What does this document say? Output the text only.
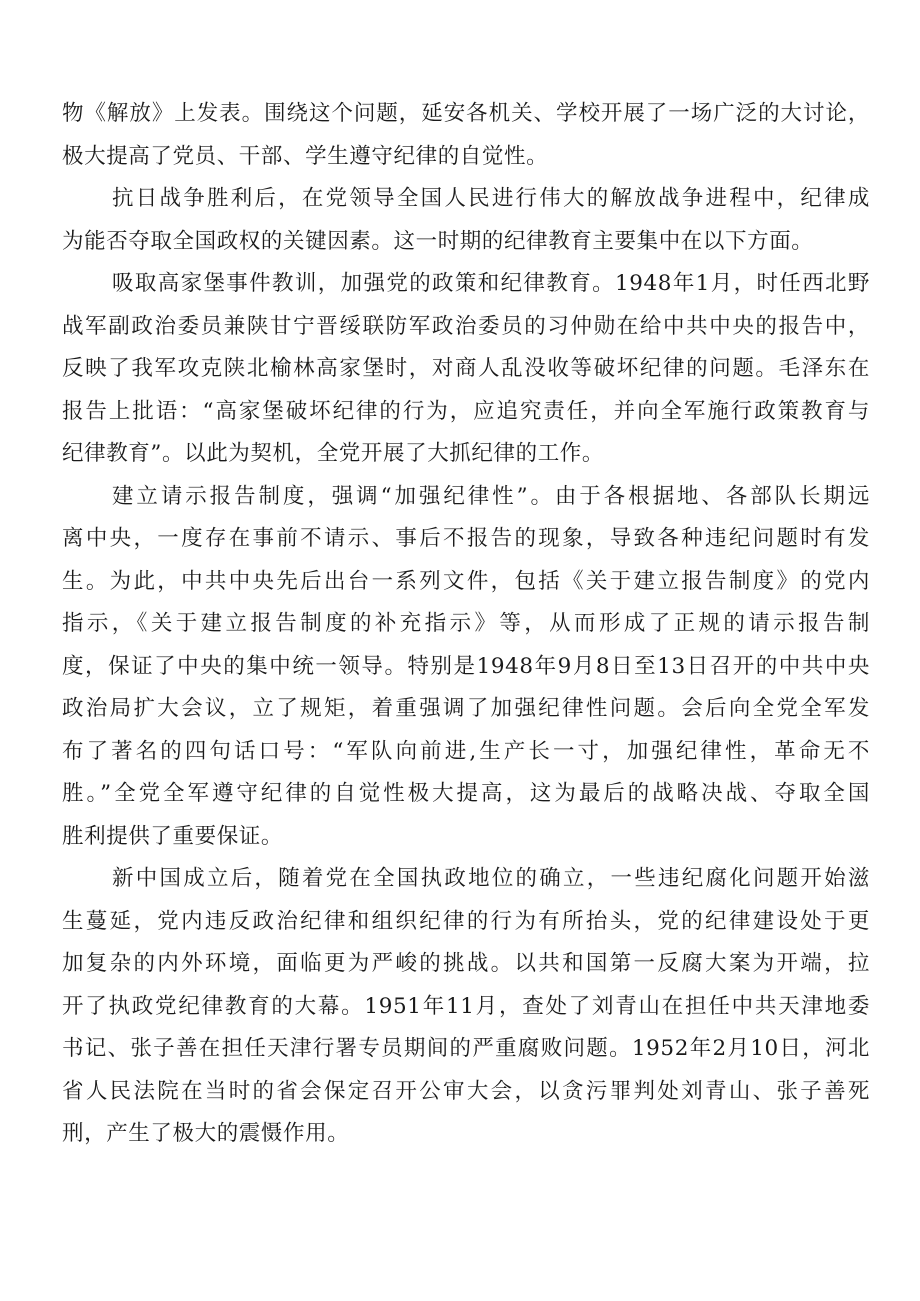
物《解放》上发表。围绕这个问题，延安各机关、学校开展了一场广泛的大讨论，
极大提高了党员、干部、学生遵守纪律的自觉性。
抗日战争胜利后，在党领导全国人民进行伟大的解放战争进程中，纪律成
为能否夺取全国政权的关键因素。这一时期的纪律教育主要集中在以下方面。
吸取高家堡事件教训，加强党的政策和纪律教育。1948年1月，时任西北野
战军副政治委员兼陕甘宁晋绥联防军政治委员的习仲勋在给中共中央的报告中，
反映了我军攻克陕北榆林高家堡时，对商人乱没收等破坏纪律的问题。毛泽东在
报告上批语：“高家堡破坏纪律的行为，应追究责任，并向全军施行政策教育与
纪律教育”。以此为契机，全党开展了大抓纪律的工作。
建立请示报告制度，强调“加强纪律性”。由于各根据地、各部队长期远
离中央，一度存在事前不请示、事后不报告的现象，导致各种违纪问题时有发
生。为此，中共中央先后出台一系列文件，包括《关于建立报告制度》的党内
指示，《关于建立报告制度的补充指示》等，从而形成了正规的请示报告制
度，保证了中央的集中统一领导。特别是1948年9月8日至13日召开的中共中央
政治局扩大会议，立了规矩，着重强调了加强纪律性问题。会后向全党全军发
布了著名的四句话口号：“军队向前进,生产长一寸，加强纪律性，革命无不
胜。”全党全军遵守纪律的自觉性极大提高，这为最后的战略决战、夺取全国
胜利提供了重要保证。
新中国成立后，随着党在全国执政地位的确立，一些违纪腐化问题开始滋
生蔓延，党内违反政治纪律和组织纪律的行为有所抬头，党的纪律建设处于更
加复杂的内外环境，面临更为严峻的挑战。以共和国第一反腐大案为开端，拉
开了执政党纪律教育的大幕。1951年11月，查处了刘青山在担任中共天津地委
书记、张子善在担任天津行署专员期间的严重腐败问题。1952年2月10日，河北
省人民法院在当时的省会保定召开公审大会，以贪污罪判处刘青山、张子善死
刑，产生了极大的震慑作用。
